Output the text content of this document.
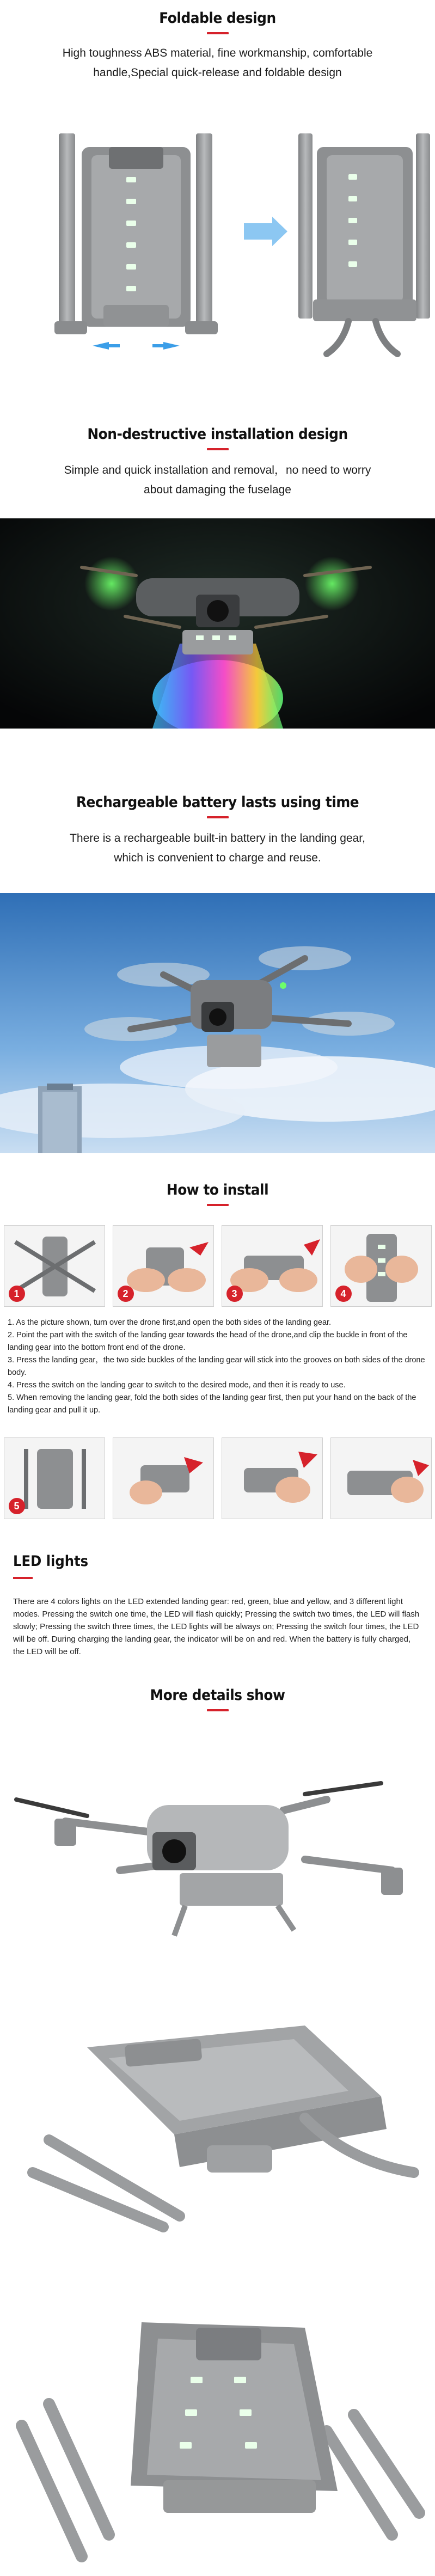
Foldable design
High toughness ABS material, fine workmanship, comfortable
handle,Special quick-release and foldable design
Non-destructive installation design
Simple and quick installation and removal，no need to worry
about damaging the fuselage
Rechargeable battery lasts using time
There is a rechargeable built-in battery in the landing gear,
which is convenient to charge and reuse.
How to install
1	2	3	4

1. As the picture shown, turn over the drone first,and open the both sides of the landing gear.

2. Point the part with the switch of the landing gear towards the head of the drone,and clip the buckle in front of the landing gear into the bottom front end of the drone.

3. Press the landing gear，the two side buckles of the landing gear will stick into the grooves on both sides of the drone body.

4. Press the switch on the landing gear to switch to the desired mode, and then it is ready to use.

5. When removing the landing gear, fold the both sides of the landing gear first, then put your hand on the back of the landing gear and pull it up.

5
LED lights
There are 4 colors lights on the LED extended landing gear: red, green, blue and yellow, and 3 different light modes. Pressing the switch one time, the LED will flash quickly; Pressing the switch two times, the LED will flash slowly; Pressing the switch three times, the LED lights will be always on; Pressing the switch four times, the LED will be off. During charging the landing gear, the indicator will be on and red. When the battery is fully charged, the LED will be off.
More details show
